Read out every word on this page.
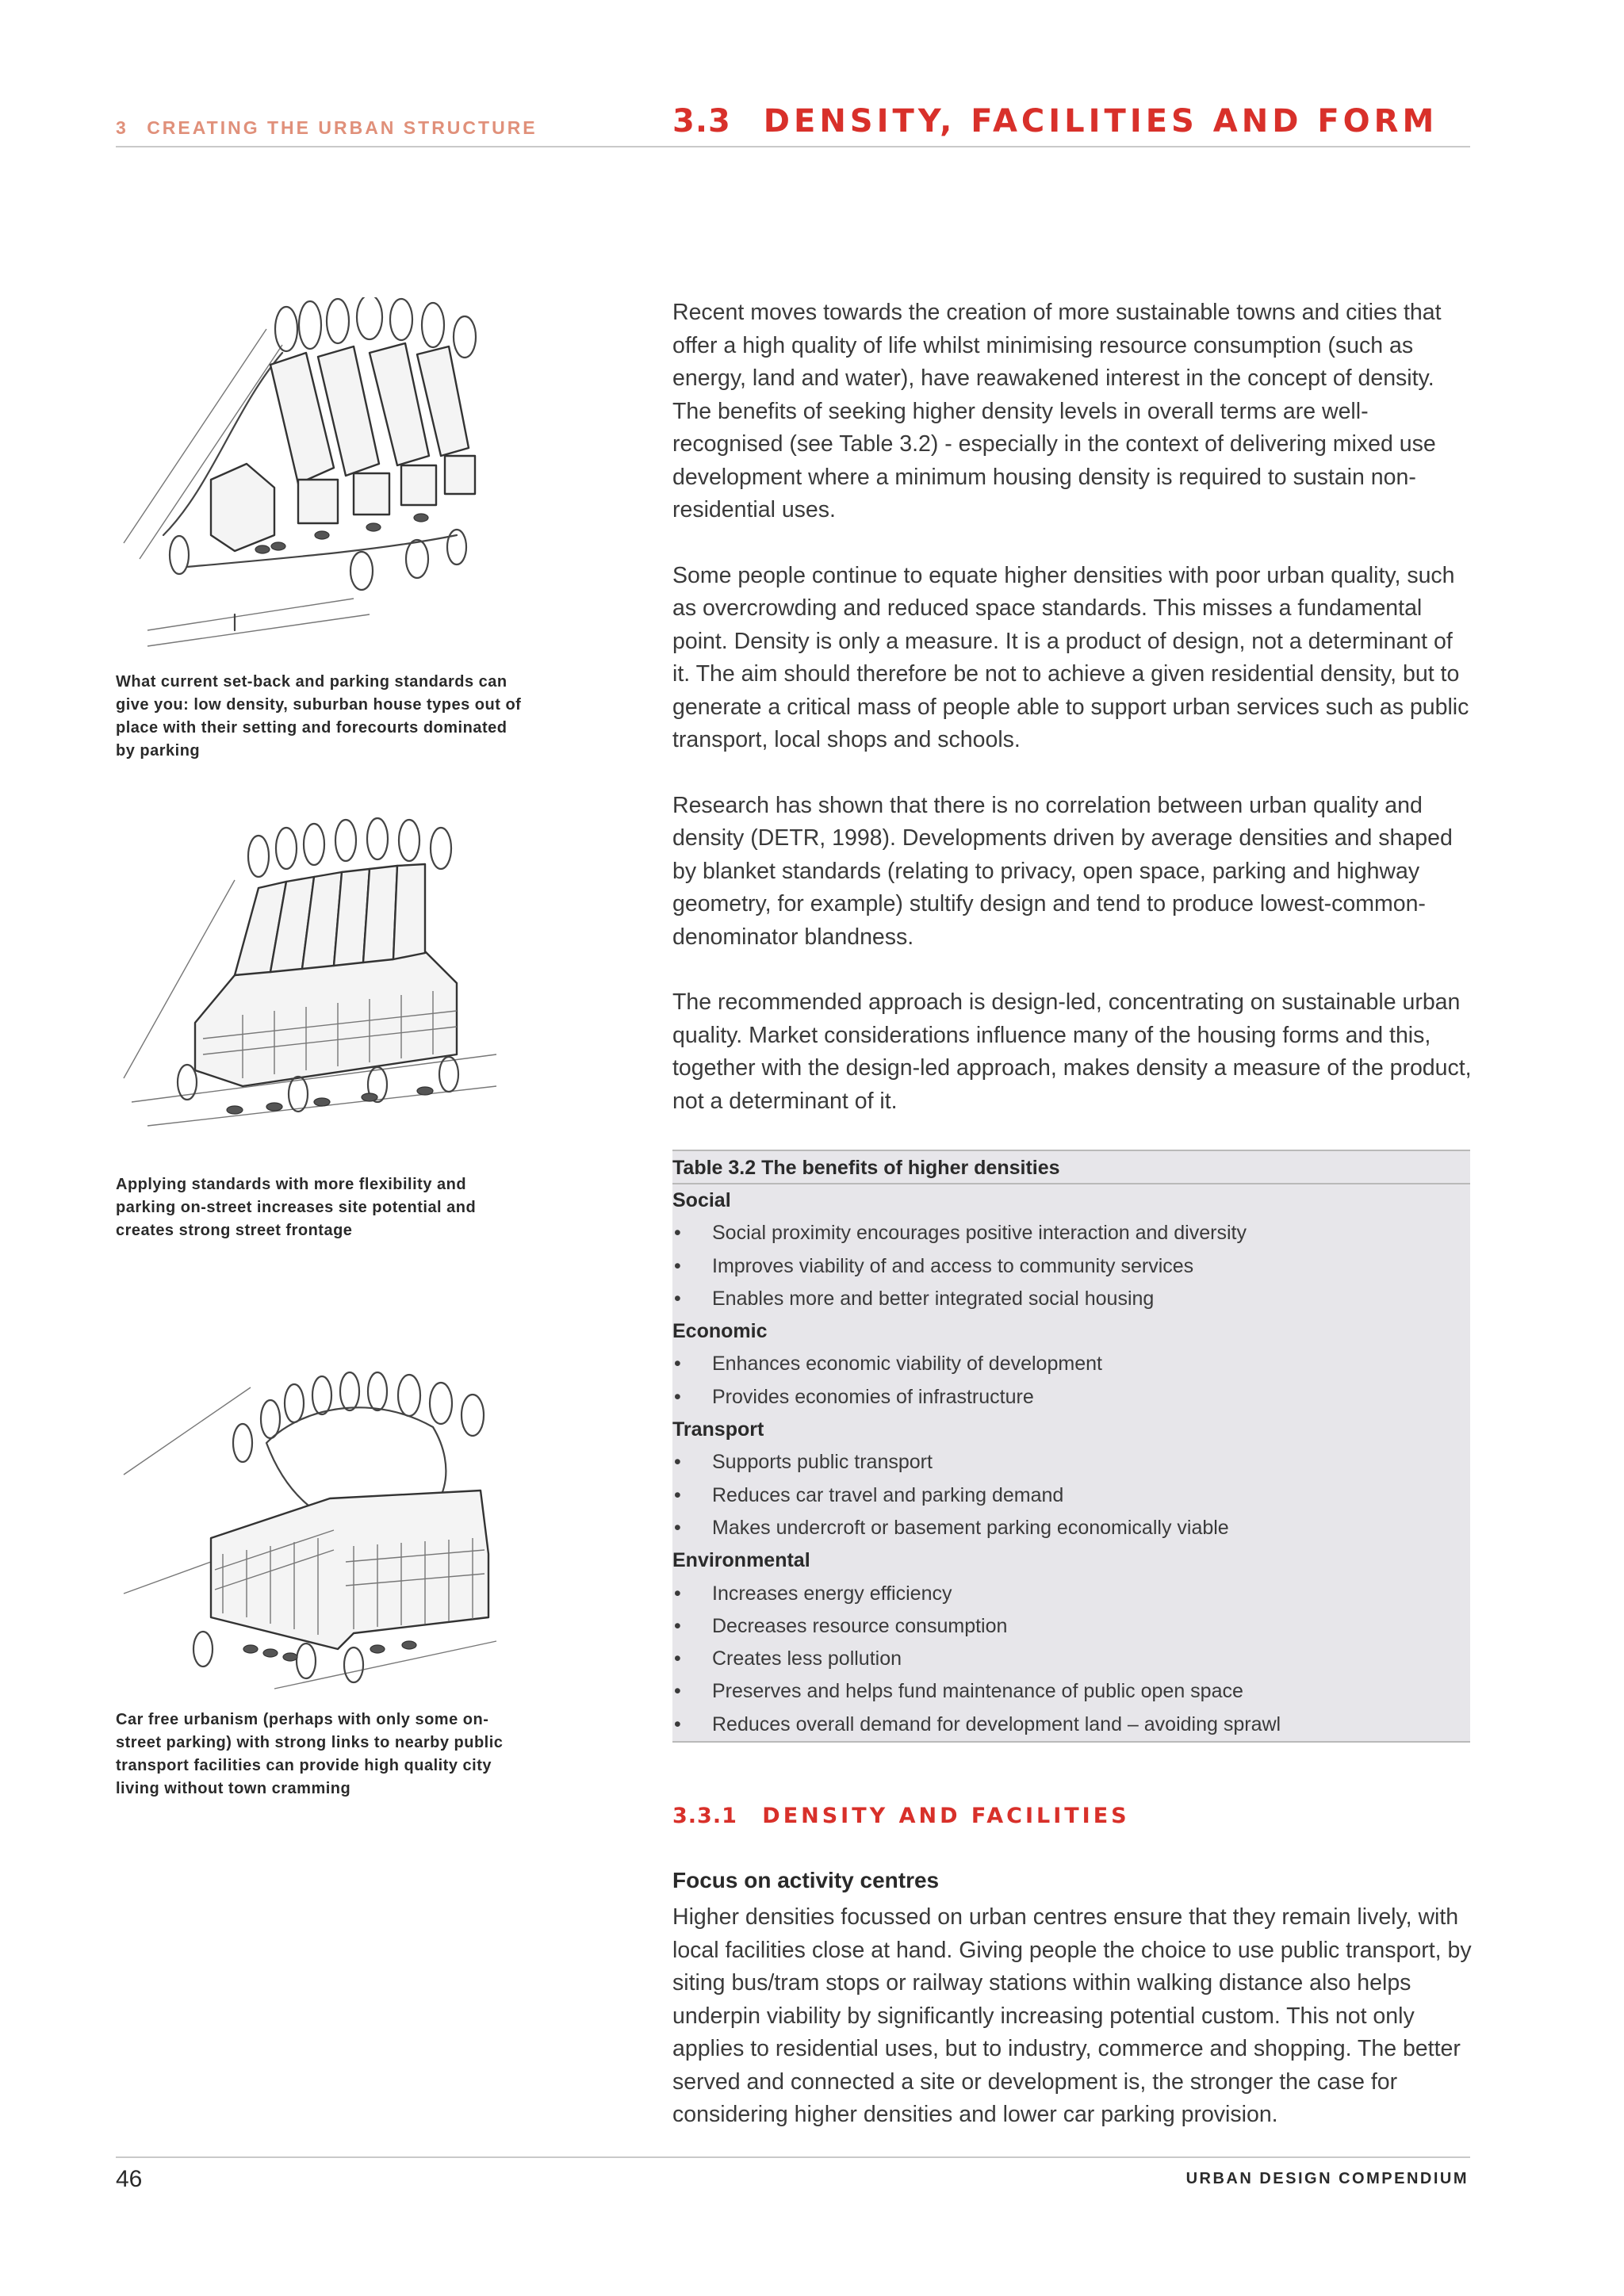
3 CREATING THE URBAN STRUCTURE	3.3 DENSITY, FACILITIES AND FORM
What current set-back and parking standards can give you: low density, suburban house types out of place with their setting and forecourts dominated by parking
Applying standards with more flexibility and parking on-street increases site potential and creates strong street frontage
Car free urbanism (perhaps with only some on-street parking) with strong links to nearby public transport facilities can provide high quality city living without town cramming

Recent moves towards the creation of more sustainable towns and cities that offer a high quality of life whilst minimising resource consumption (such as energy, land and water), have reawakened interest in the concept of density. The benefits of seeking higher density levels in overall terms are well-recognised (see Table 3.2) - especially in the context of delivering mixed use development where a minimum housing density is required to sustain non-residential uses.

Some people continue to equate higher densities with poor urban quality, such as overcrowding and reduced space standards. This misses a fundamental point. Density is only a measure. It is a product of design, not a determinant of it. The aim should therefore be not to achieve a given residential density, but to generate a critical mass of people able to support urban services such as public transport, local shops and schools.

Research has shown that there is no correlation between urban quality and density (DETR, 1998). Developments driven by average densities and shaped by blanket standards (relating to privacy, open space, parking and highway geometry, for example) stultify design and tend to produce lowest-common-denominator blandness.

The recommended approach is design-led, concentrating on sustainable urban quality. Market considerations influence many of the housing forms and this, together with the design-led approach, makes density a measure of the product, not a determinant of it.

Table 3.2 The benefits of higher densities
Social
• Social proximity encourages positive interaction and diversity
• Improves viability of and access to community services
• Enables more and better integrated social housing
Economic
• Enhances economic viability of development
• Provides economies of infrastructure
Transport
• Supports public transport
• Reduces car travel and parking demand
• Makes undercroft or basement parking economically viable
Environmental
• Increases energy efficiency
• Decreases resource consumption
• Creates less pollution
• Preserves and helps fund maintenance of public open space
• Reduces overall demand for development land – avoiding sprawl
3.3.1 DENSITY AND FACILITIES
Focus on activity centres

Higher densities focussed on urban centres ensure that they remain lively, with local facilities close at hand. Giving people the choice to use public transport, by siting bus/tram stops or railway stations within walking distance also helps underpin viability by significantly increasing potential custom. This not only applies to residential uses, but to industry, commerce and shopping. The better served and connected a site or development is, the stronger the case for considering higher densities and lower car parking provision.

46	URBAN DESIGN COMPENDIUM
